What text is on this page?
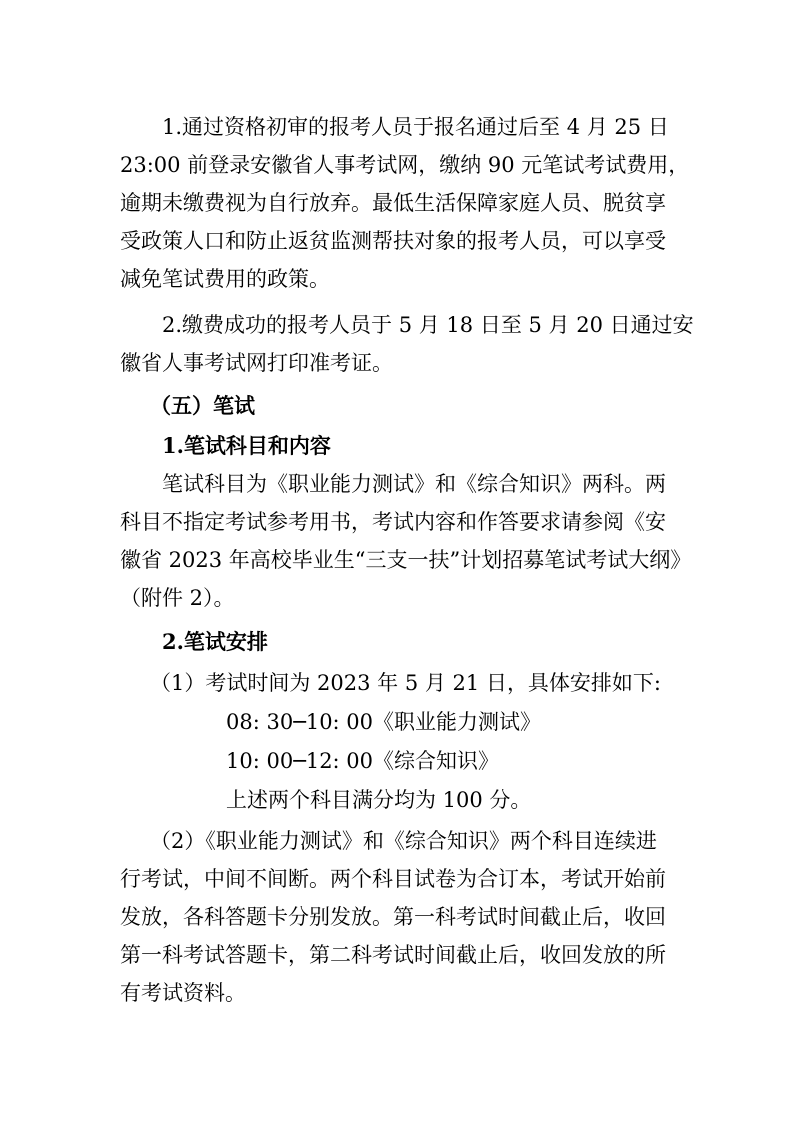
1.通过资格初审的报考人员于报名通过后至 4 月 25 日
23:00 前登录安徽省人事考试网，缴纳 90 元笔试考试费用，
逾期未缴费视为自行放弃。最低生活保障家庭人员、脱贫享
受政策人口和防止返贫监测帮扶对象的报考人员，可以享受
减免笔试费用的政策。
2.缴费成功的报考人员于 5 月 18 日至 5 月 20 日通过安
徽省人事考试网打印准考证。
（五）笔试
1.笔试科目和内容
笔试科目为《职业能力测试》和《综合知识》两科。两
科目不指定考试参考用书，考试内容和作答要求请参阅《安
徽省 2023 年高校毕业生“三支一扶”计划招募笔试考试大纲》
（附件 2）。
2.笔试安排
（1）考试时间为 2023 年 5 月 21 日，具体安排如下:
08: 30─10: 00《职业能力测试》
10: 00─12: 00《综合知识》
上述两个科目满分均为 100 分。
（2）《职业能力测试》和《综合知识》两个科目连续进
行考试，中间不间断。两个科目试卷为合订本，考试开始前
发放，各科答题卡分别发放。第一科考试时间截止后，收回
第一科考试答题卡，第二科考试时间截止后，收回发放的所
有考试资料。
